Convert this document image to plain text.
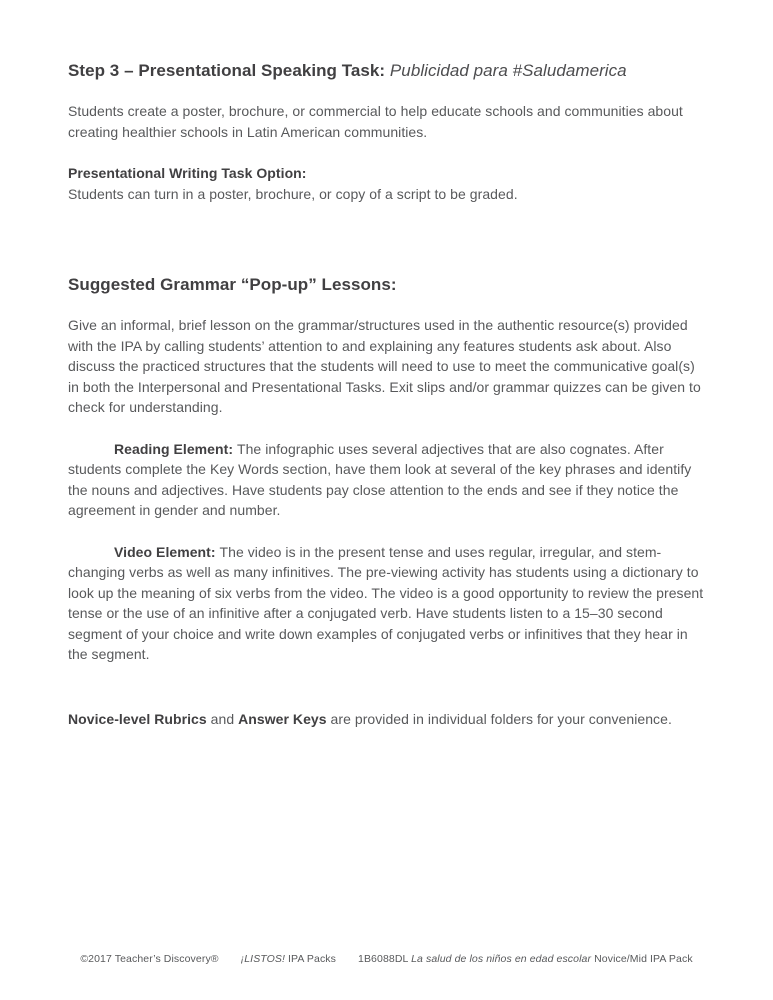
Step 3 – Presentational Speaking Task: Publicidad para #Saludamerica

Students create a poster, brochure, or commercial to help educate schools and communities about creating healthier schools in Latin American communities.

Presentational Writing Task Option:

Students can turn in a poster, brochure, or copy of a script to be graded.

Suggested Grammar “Pop-up” Lessons:

Give an informal, brief lesson on the grammar/structures used in the authentic resource(s) provided with the IPA by calling students’ attention to and explaining any features students ask about. Also discuss the practiced structures that the students will need to use to meet the communicative goal(s) in both the Interpersonal and Presentational Tasks. Exit slips and/or grammar quizzes can be given to check for understanding.

Reading Element: The infographic uses several adjectives that are also cognates. After students complete the Key Words section, have them look at several of the key phrases and identify the nouns and adjectives. Have students pay close attention to the ends and see if they notice the agreement in gender and number.

Video Element: The video is in the present tense and uses regular, irregular, and stem-changing verbs as well as many infinitives. The pre-viewing activity has students using a dictionary to look up the meaning of six verbs from the video. The video is a good opportunity to review the present tense or the use of an infinitive after a conjugated verb. Have students listen to a 15–30 second segment of your choice and write down examples of conjugated verbs or infinitives that they hear in the segment.

Novice-level Rubrics and Answer Keys are provided in individual folders for your convenience.

©2017 Teacher’s Discovery® ¡LISTOS! IPA Packs 1B6088DL La salud de los niños en edad escolar Novice/Mid IPA Pack
